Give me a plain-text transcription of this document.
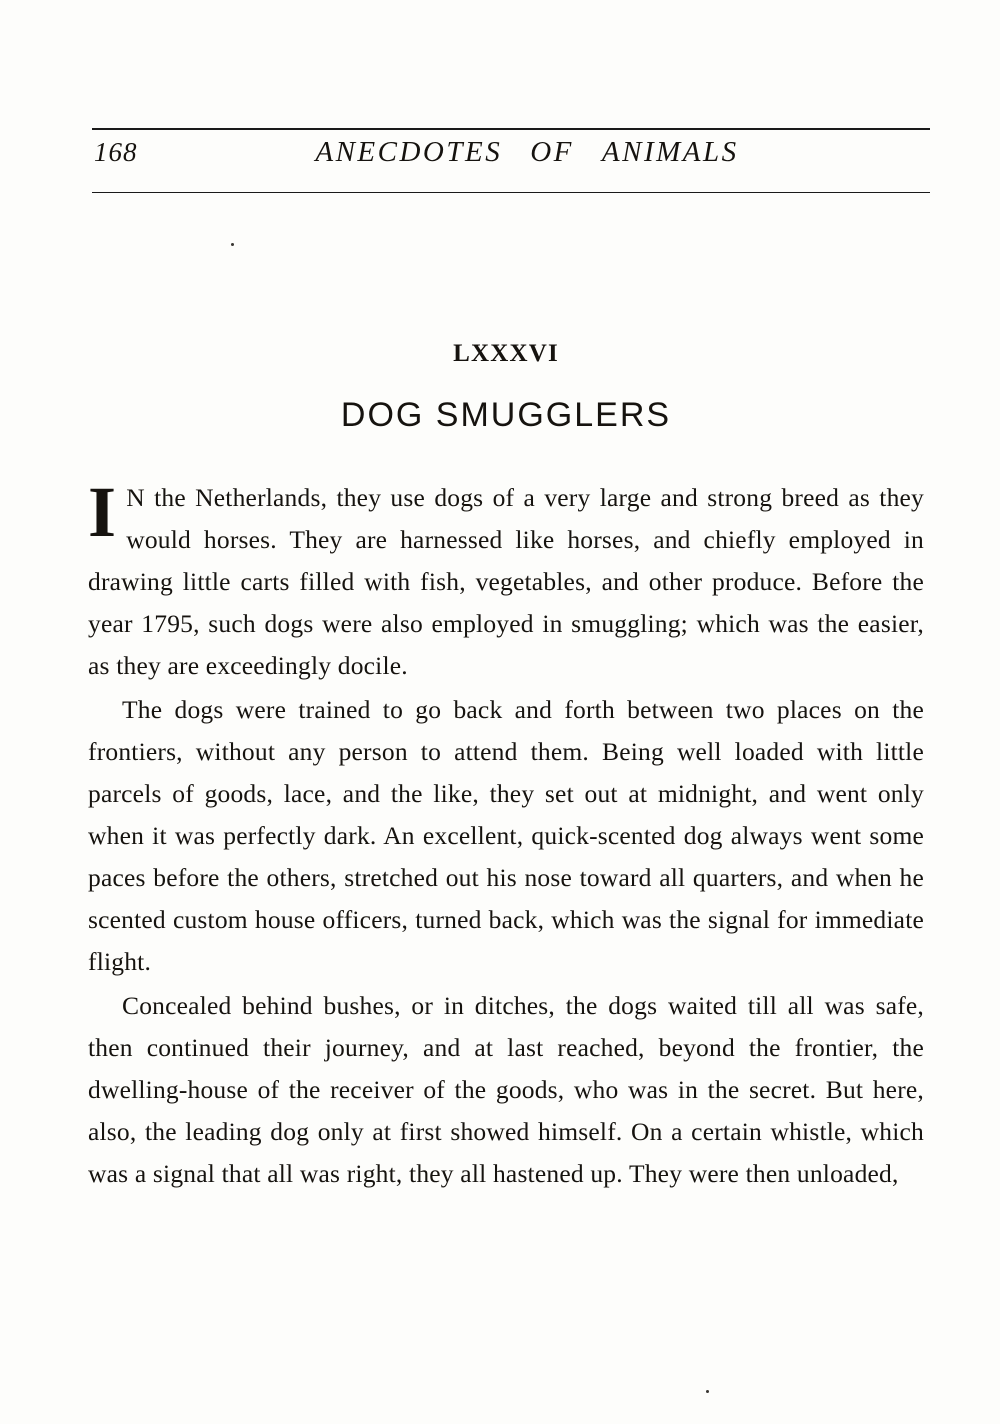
168	ANECDOTES OF ANIMALS
LXXXVI
DOG SMUGGLERS

I N the Netherlands, they use dogs of a very large and strong breed as they would horses. They are harnessed like horses, and chiefly employed in drawing little carts filled with fish, vegetables, and other produce. Before the year 1795, such dogs were also employed in smuggling; which was the easier, as they are exceedingly docile.

The dogs were trained to go back and forth between two places on the frontiers, without any person to attend them. Being well loaded with little parcels of goods, lace, and the like, they set out at midnight, and went only when it was perfectly dark. An excellent, quick-scented dog always went some paces before the others, stretched out his nose toward all quarters, and when he scented custom house officers, turned back, which was the signal for immediate flight.

Concealed behind bushes, or in ditches, the dogs waited till all was safe, then continued their journey, and at last reached, beyond the frontier, the dwelling-house of the receiver of the goods, who was in the secret. But here, also, the leading dog only at first showed himself. On a certain whistle, which was a signal that all was right, they all hastened up. They were then unloaded,
